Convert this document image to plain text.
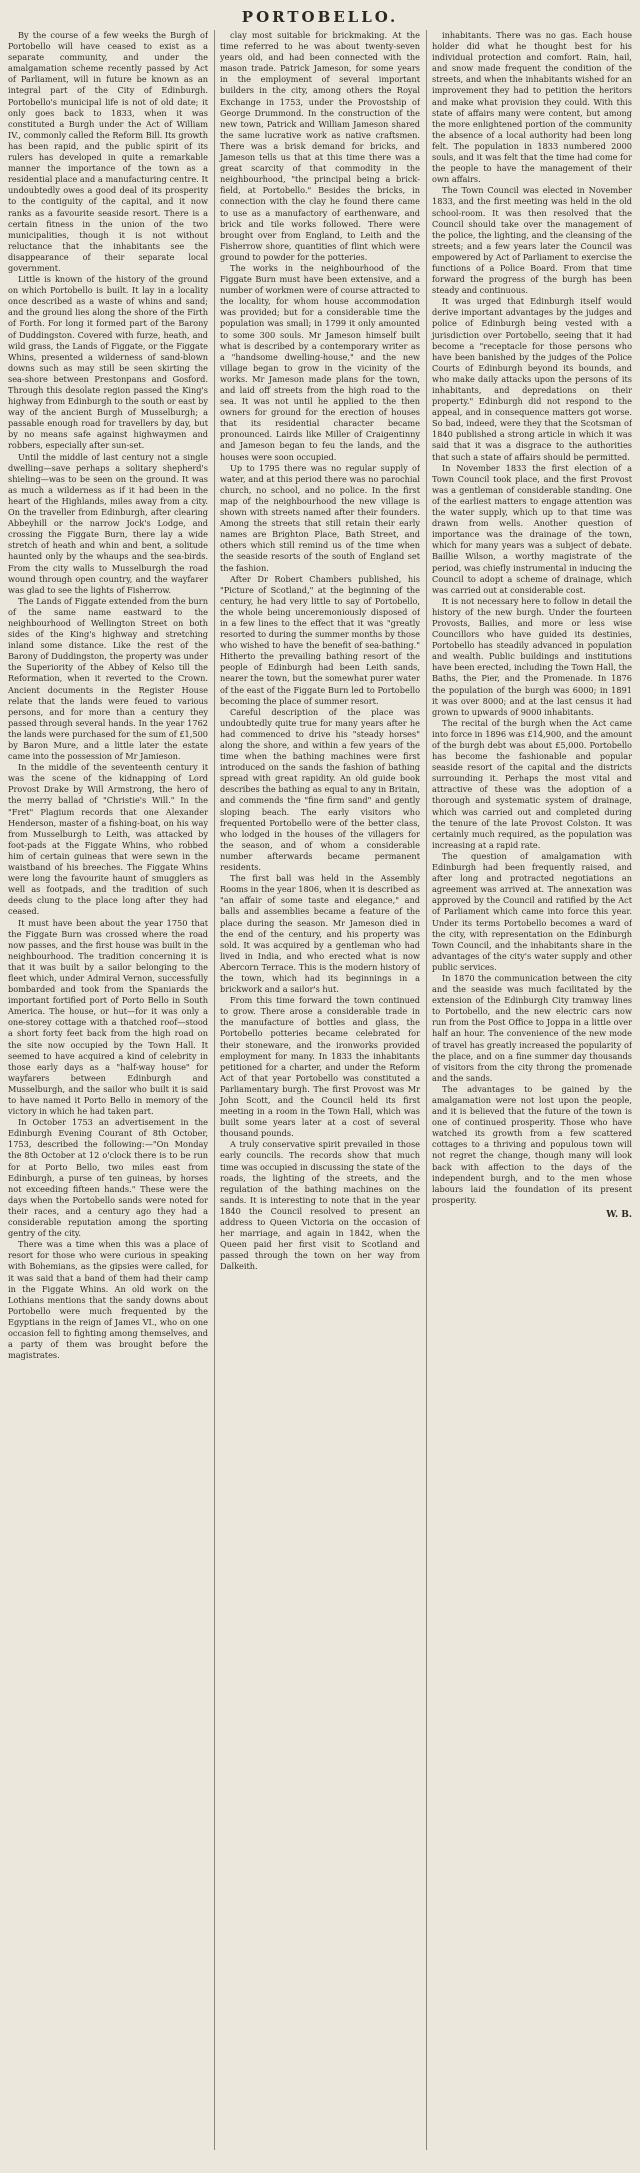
PORTOBELLO.

By the course of a few weeks the Burgh of Portobello will have ceased to exist as a separate community, and under the amalgamation scheme recently passed by Act of Parliament, will in future be known as an integral part of the City of Edinburgh. Portobello's municipal life is not of old date; it only goes back to 1833, when it was constituted a Burgh under the Act of William IV., commonly called the Reform Bill. Its growth has been rapid, and the public spirit of its rulers has developed in quite a remarkable manner the importance of the town as a residential place and a manufacturing centre. It undoubtedly owes a good deal of its prosperity to the contiguity of the capital, and it now ranks as a favourite seaside resort. There is a certain fitness in the union of the two municipalities, though it is not without reluctance that the inhabitants see the disappearance of their separate local government.

Little is known of the history of the ground on which Portobello is built. It lay in a locality once described as a waste of whins and sand; and the ground lies along the shore of the Firth of Forth. For long it formed part of the Barony of Duddingston. Covered with furze, heath, and wild grass, the Lands of Figgate, or the Figgate Whins, presented a wilderness of sand-blown downs such as may still be seen skirting the sea-shore between Prestonpans and Gosford. Through this desolate region passed the King's highway from Edinburgh to the south or east by way of the ancient Burgh of Musselburgh; a passable enough road for travellers by day, but by no means safe against highwaymen and robbers, especially after sun-set.

Until the middle of last century not a single dwelling—save perhaps a solitary shepherd's shieling—was to be seen on the ground. It was as much a wilderness as if it had been in the heart of the Highlands, miles away from a city. On the traveller from Edinburgh, after clearing Abbeyhill or the narrow Jock's Lodge, and crossing the Figgate Burn, there lay a wide stretch of heath and whin and bent, a solitude haunted only by the whaups and the sea-birds. From the city walls to Musselburgh the road wound through open country, and the wayfarer was glad to see the lights of Fisherrow.

The Lands of Figgate extended from the burn of the same name eastward to the neighbourhood of Wellington Street on both sides of the King's highway and stretching inland some distance. Like the rest of the Barony of Duddingston, the property was under the Superiority of the Abbey of Kelso till the Reformation, when it reverted to the Crown. Ancient documents in the Register House relate that the lands were feued to various persons, and for more than a century they passed through several hands. In the year 1762 the lands were purchased for the sum of £1,500 by Baron Mure, and a little later the estate came into the possession of Mr Jamieson.

In the middle of the seventeenth century it was the scene of the kidnapping of Lord Provost Drake by Will Armstrong, the hero of the merry ballad of "Christie's Will." In the "Fret" Plagium records that one Alexander Henderson, master of a fishing-boat, on his way from Musselburgh to Leith, was attacked by foot-pads at the Figgate Whins, who robbed him of certain guineas that were sewn in the waistband of his breeches. The Figgate Whins were long the favourite haunt of smugglers as well as footpads, and the tradition of such deeds clung to the place long after they had ceased.

It must have been about the year 1750 that the Figgate Burn was crossed where the road now passes, and the first house was built in the neighbourhood. The tradition concerning it is that it was built by a sailor belonging to the fleet which, under Admiral Vernon, successfully bombarded and took from the Spaniards the important fortified port of Porto Bello in South America. The house, or hut—for it was only a one-storey cottage with a thatched roof—stood a short forty feet back from the high road on the site now occupied by the Town Hall. It seemed to have acquired a kind of celebrity in those early days as a "half-way house" for wayfarers between Edinburgh and Musselburgh, and the sailor who built it is said to have named it Porto Bello in memory of the victory in which he had taken part.

In October 1753 an advertisement in the Edinburgh Evening Courant of 8th October, 1753, described the following:—"On Monday the 8th October at 12 o'clock there is to be run for at Porto Bello, two miles east from Edinburgh, a purse of ten guineas, by horses not exceeding fifteen hands." These were the days when the Portobello sands were noted for their races, and a century ago they had a considerable reputation among the sporting gentry of the city.

There was a time when this was a place of resort for those who were curious in speaking with Bohemians, as the gipsies were called, for it was said that a band of them had their camp in the Figgate Whins. An old work on the Lothians mentions that the sandy downs about Portobello were much frequented by the Egyptians in the reign of James VI., who on one occasion fell to fighting among themselves, and a party of them was brought before the magistrates.

clay most suitable for brickmaking. At the time referred to he was about twenty-seven years old, and had been connected with the mason trade. Patrick Jameson, for some years in the employment of several important builders in the city, among others the Royal Exchange in 1753, under the Provostship of George Drummond. In the construction of the new town, Patrick and William Jameson shared the same lucrative work as native craftsmen. There was a brisk demand for bricks, and Jameson tells us that at this time there was a great scarcity of that commodity in the neighbourhood, "the principal being a brick-field, at Portobello." Besides the bricks, in connection with the clay he found there came to use as a manufactory of earthenware, and brick and tile works followed. There were brought over from England, to Leith and the Fisherrow shore, quantities of flint which were ground to powder for the potteries.

The works in the neighbourhood of the Figgate Burn must have been extensive, and a number of workmen were of course attracted to the locality, for whom house accommodation was provided; but for a considerable time the population was small; in 1799 it only amounted to some 300 souls. Mr Jameson himself built what is described by a contemporary writer as a "handsome dwelling-house," and the new village began to grow in the vicinity of the works. Mr Jameson made plans for the town, and laid off streets from the high road to the sea. It was not until he applied to the then owners for ground for the erection of houses that its residential character became pronounced. Lairds like Miller of Craigentinny and Jameson began to feu the lands, and the houses were soon occupied.

Up to 1795 there was no regular supply of water, and at this period there was no parochial church, no school, and no police. In the first map of the neighbourhood the new village is shown with streets named after their founders. Among the streets that still retain their early names are Brighton Place, Bath Street, and others which still remind us of the time when the seaside resorts of the south of England set the fashion.

After Dr Robert Chambers published, his "Picture of Scotland," at the beginning of the century, he had very little to say of Portobello, the whole being unceremoniously disposed of in a few lines to the effect that it was "greatly resorted to during the summer months by those who wished to have the benefit of sea-bathing." Hitherto the prevailing bathing resort of the people of Edinburgh had been Leith sands, nearer the town, but the somewhat purer water of the east of the Figgate Burn led to Portobello becoming the place of summer resort.

Careful description of the place was undoubtedly quite true for many years after he had commenced to drive his "steady horses" along the shore, and within a few years of the time when the bathing machines were first introduced on the sands the fashion of bathing spread with great rapidity. An old guide book describes the bathing as equal to any in Britain, and commends the "fine firm sand" and gently sloping beach. The early visitors who frequented Portobello were of the better class, who lodged in the houses of the villagers for the season, and of whom a considerable number afterwards became permanent residents.

The first ball was held in the Assembly Rooms in the year 1806, when it is described as "an affair of some taste and elegance," and balls and assemblies became a feature of the place during the season. Mr Jameson died in the end of the century, and his property was sold. It was acquired by a gentleman who had lived in India, and who erected what is now Abercorn Terrace. This is the modern history of the town, which had its beginnings in a brickwork and a sailor's hut.

From this time forward the town continued to grow. There arose a considerable trade in the manufacture of bottles and glass, the Portobello potteries became celebrated for their stoneware, and the ironworks provided employment for many. In 1833 the inhabitants petitioned for a charter, and under the Reform Act of that year Portobello was constituted a Parliamentary burgh. The first Provost was Mr John Scott, and the Council held its first meeting in a room in the Town Hall, which was built some years later at a cost of several thousand pounds.

A truly conservative spirit prevailed in those early councils. The records show that much time was occupied in discussing the state of the roads, the lighting of the streets, and the regulation of the bathing machines on the sands. It is interesting to note that in the year 1840 the Council resolved to present an address to Queen Victoria on the occasion of her marriage, and again in 1842, when the Queen paid her first visit to Scotland and passed through the town on her way from Dalkeith.

inhabitants. There was no gas. Each house holder did what he thought best for his individual protection and comfort. Rain, hail, and snow made frequent the condition of the streets, and when the inhabitants wished for an improvement they had to petition the heritors and make what provision they could. With this state of affairs many were content, but among the more enlightened portion of the community the absence of a local authority had been long felt. The population in 1833 numbered 2000 souls, and it was felt that the time had come for the people to have the management of their own affairs.

The Town Council was elected in November 1833, and the first meeting was held in the old school-room. It was then resolved that the Council should take over the management of the police, the lighting, and the cleansing of the streets; and a few years later the Council was empowered by Act of Parliament to exercise the functions of a Police Board. From that time forward the progress of the burgh has been steady and continuous.

It was urged that Edinburgh itself would derive important advantages by the judges and police of Edinburgh being vested with a jurisdiction over Portobello, seeing that it had become a "receptacle for those persons who have been banished by the judges of the Police Courts of Edinburgh beyond its bounds, and who make daily attacks upon the persons of its inhabitants, and depredations on their property." Edinburgh did not respond to the appeal, and in consequence matters got worse. So bad, indeed, were they that the Scotsman of 1840 published a strong article in which it was said that it was a disgrace to the authorities that such a state of affairs should be permitted.

In November 1833 the first election of a Town Council took place, and the first Provost was a gentleman of considerable standing. One of the earliest matters to engage attention was the water supply, which up to that time was drawn from wells. Another question of importance was the drainage of the town, which for many years was a subject of debate. Baillie Wilson, a worthy magistrate of the period, was chiefly instrumental in inducing the Council to adopt a scheme of drainage, which was carried out at considerable cost.

It is not necessary here to follow in detail the history of the new burgh. Under the fourteen Provosts, Bailies, and more or less wise Councillors who have guided its destinies, Portobello has steadily advanced in population and wealth. Public buildings and institutions have been erected, including the Town Hall, the Baths, the Pier, and the Promenade. In 1876 the population of the burgh was 6000; in 1891 it was over 8000; and at the last census it had grown to upwards of 9000 inhabitants.

The recital of the burgh when the Act came into force in 1896 was £14,900, and the amount of the burgh debt was about £5,000. Portobello has become the fashionable and popular seaside resort of the capital and the districts surrounding it. Perhaps the most vital and attractive of these was the adoption of a thorough and systematic system of drainage, which was carried out and completed during the tenure of the late Provost Colston. It was certainly much required, as the population was increasing at a rapid rate.

The question of amalgamation with Edinburgh had been frequently raised, and after long and protracted negotiations an agreement was arrived at. The annexation was approved by the Council and ratified by the Act of Parliament which came into force this year. Under its terms Portobello becomes a ward of the city, with representation on the Edinburgh Town Council, and the inhabitants share in the advantages of the city's water supply and other public services.

In 1870 the communication between the city and the seaside was much facilitated by the extension of the Edinburgh City tramway lines to Portobello, and the new electric cars now run from the Post Office to Joppa in a little over half an hour. The convenience of the new mode of travel has greatly increased the popularity of the place, and on a fine summer day thousands of visitors from the city throng the promenade and the sands.

The advantages to be gained by the amalgamation were not lost upon the people, and it is believed that the future of the town is one of continued prosperity. Those who have watched its growth from a few scattered cottages to a thriving and populous town will not regret the change, though many will look back with affection to the days of the independent burgh, and to the men whose labours laid the foundation of its present prosperity.

W. B.
